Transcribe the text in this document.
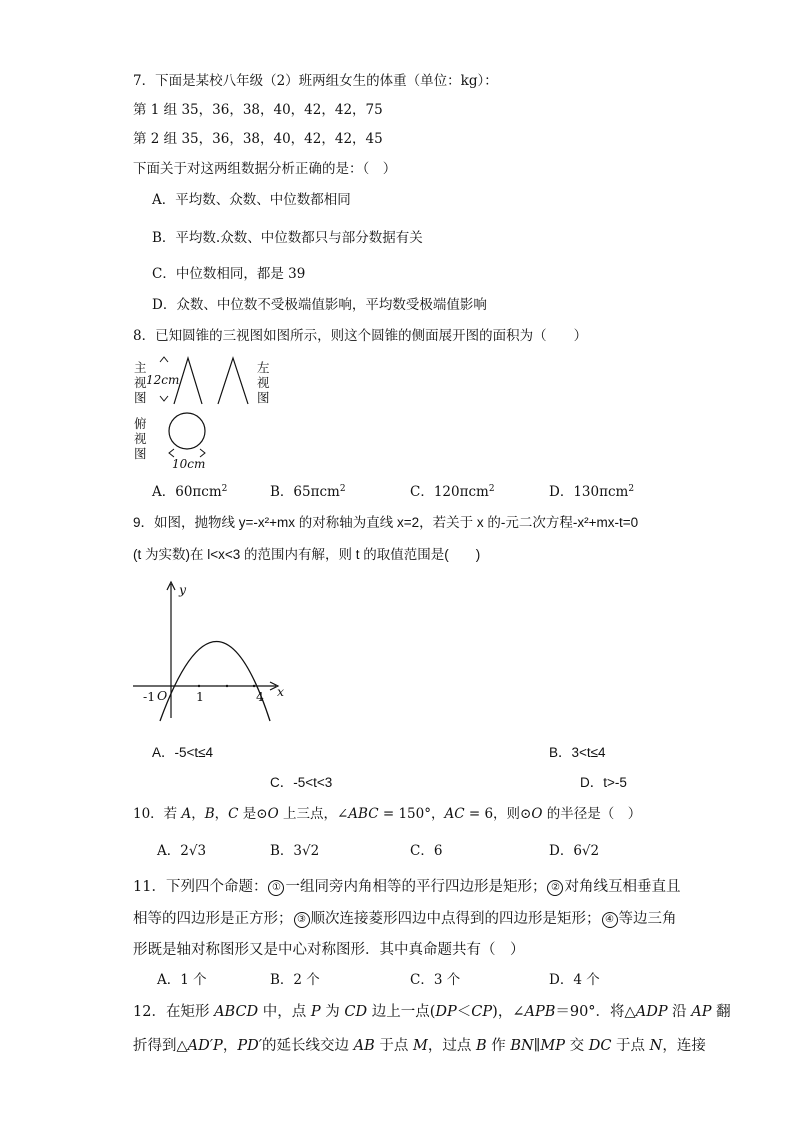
7．下面是某校八年级（2）班两组女生的体重（单位：kg）：
第 1 组 35，36，38，40，42，42，75
第 2 组 35，36，38，40，42，42，45
下面关于对这两组数据分析正确的是：（　）
A．平均数、众数、中位数都相同
B．平均数.众数、中位数都只与部分数据有关
C．中位数相同，都是 39
D．众数、中位数不受极端值影响，平均数受极端值影响
8．已知圆锥的三视图如图所示，则这个圆锥的侧面展开图的面积为（　　）
主
视
图
左
视
图
俯
视
图
12cm
10cm
A．60πcm$^2$	B．65πcm$^2$	C．120πcm$^2$	D．130πcm$^2$
9．如图，抛物线 y=-x²+mx 的对称轴为直线 x=2，若关于 x 的-元二次方程-x²+mx-t=0
(t 为实数)在 l<x<3 的范围内有解，则 t 的取值范围是(　　)
y
x
-1 O 1	4
A．-5<t≤4	B．3<t≤4
C．-5<t<3	D．t>-5
10．若 A，B，C 是⊙O 上三点，∠ABC = 150°，AC = 6，则⊙O 的半径是（　）
A．2√3	B．3√2	C．6	D．6√2
11．下列四个命题： ① 一组同旁内角相等的平行四边形是矩形； ② 对角线互相垂直且
相等的四边形是正方形； ③ 顺次连接菱形四边中点得到的四边形是矩形； ④ 等边三角
形既是轴对称图形又是中心对称图形．其中真命题共有（　）
A．1 个	B．2 个	C．3 个	D．4 个
12．在矩形 ABCD 中，点 P 为 CD 边上一点(DP＜CP)，∠APB＝90°．将△ADP 沿 AP 翻
折得到△AD′P，PD′的延长线交边 AB 于点 M，过点 B 作 BN∥MP 交 DC 于点 N，连接
